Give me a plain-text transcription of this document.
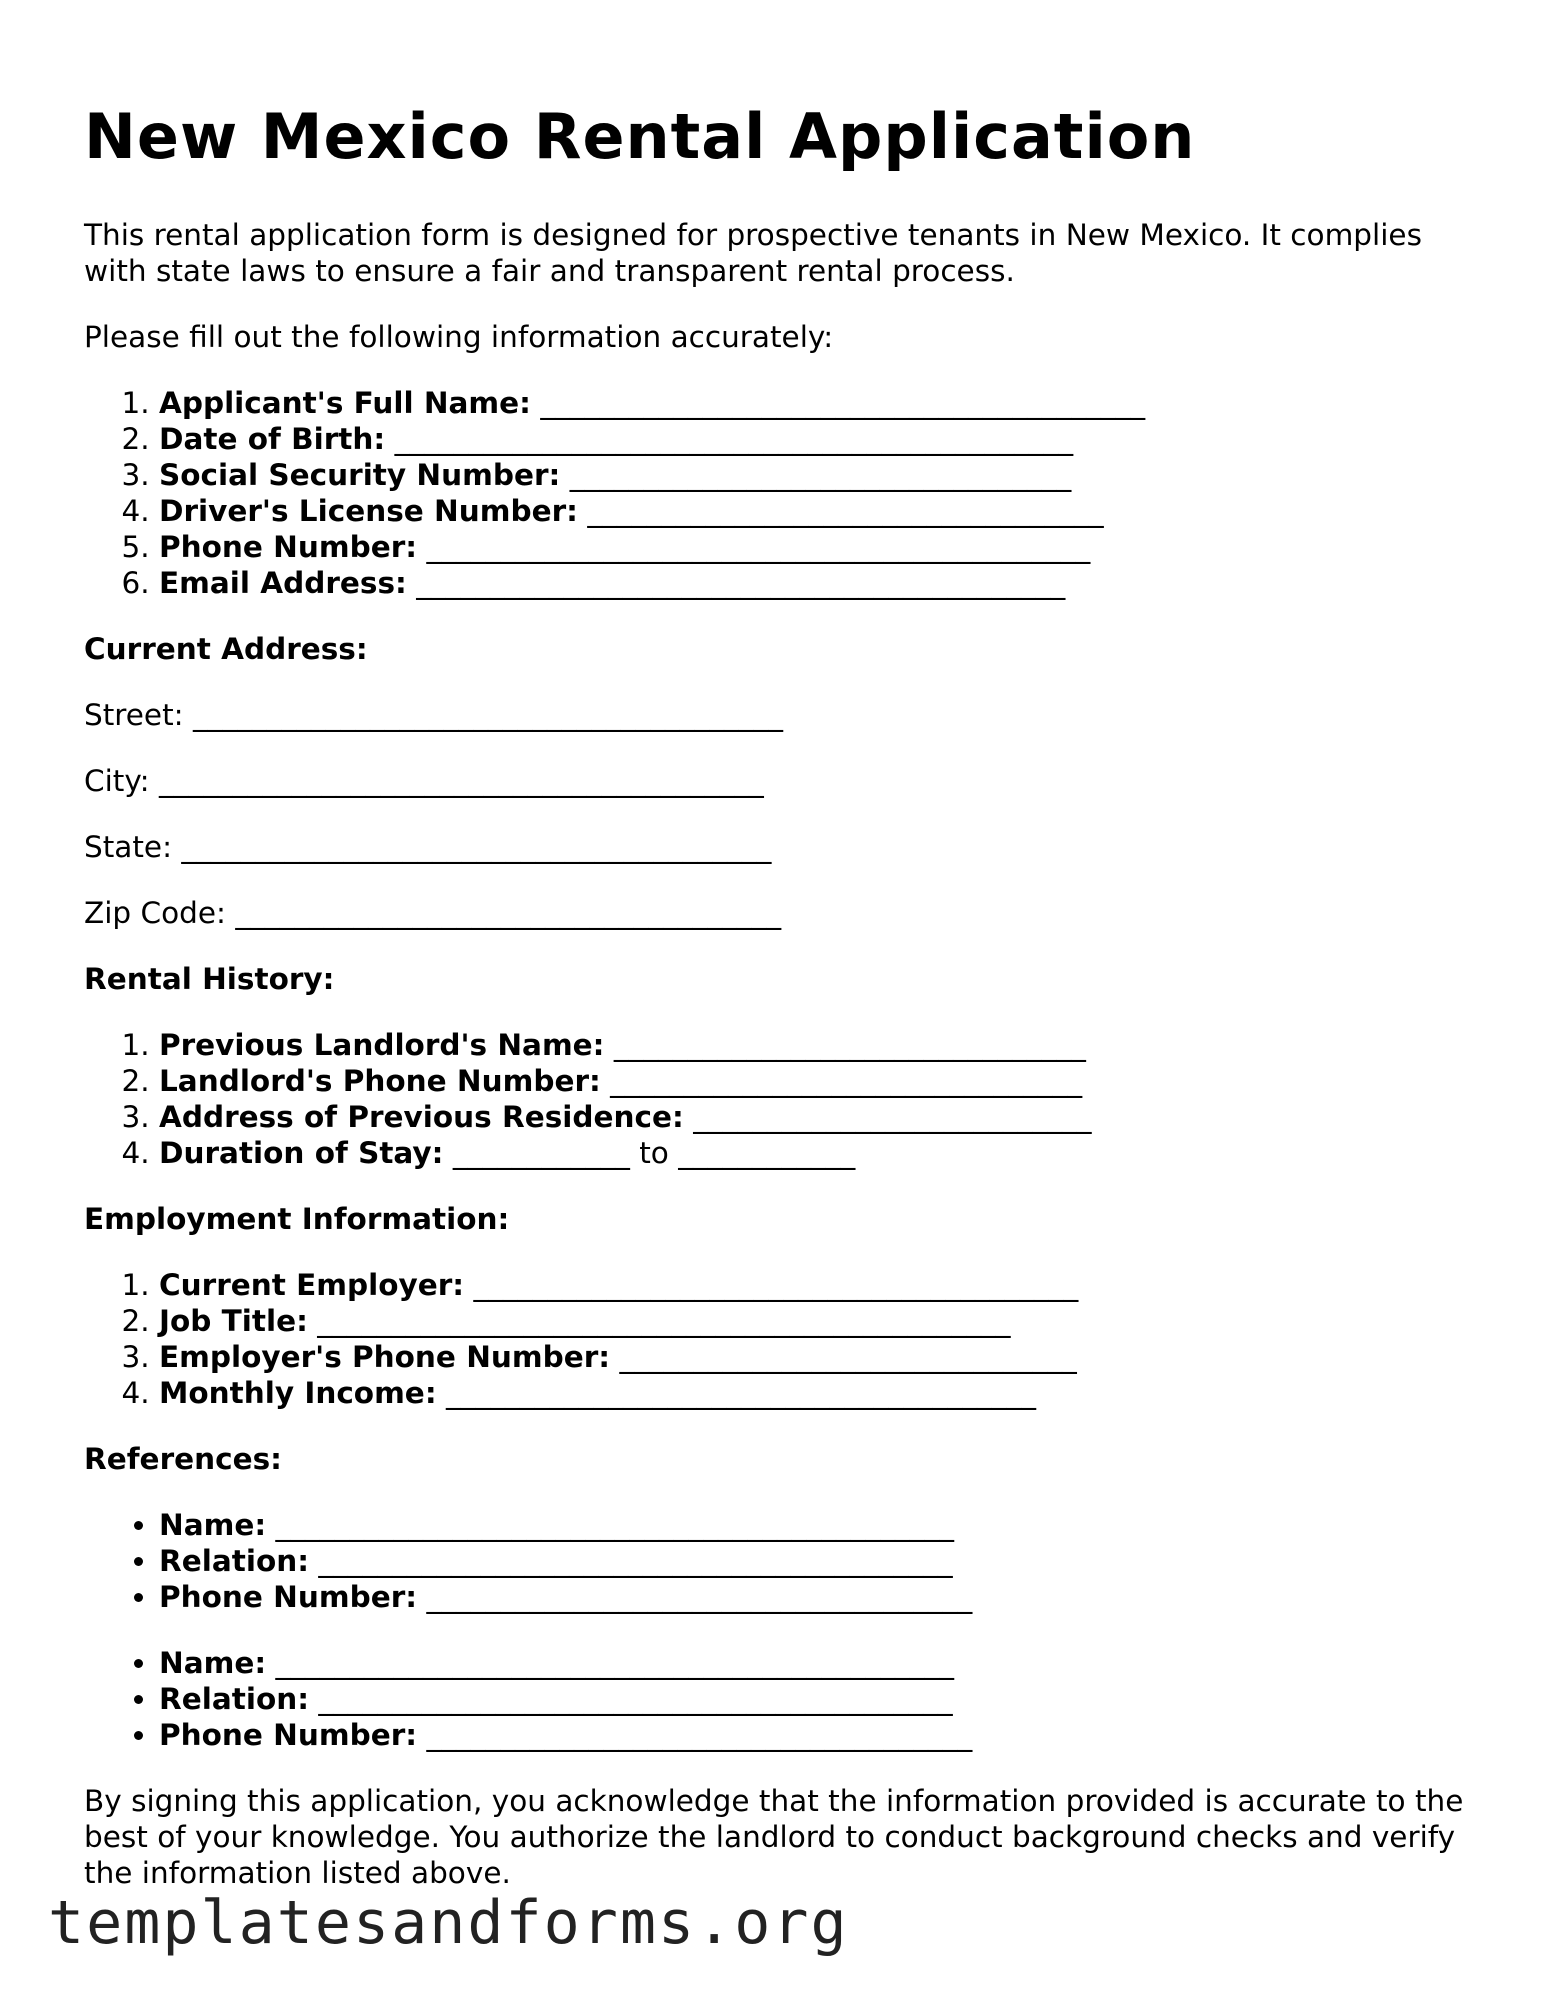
New Mexico Rental Application

This rental application form is designed for prospective tenants in New Mexico. It complies with state laws to ensure a fair and transparent rental process.

Please fill out the following information accurately:

1. Applicant's Full Name: _________________________________________
2. Date of Birth: ______________________________________________
3. Social Security Number: __________________________________
4. Driver's License Number: ___________________________________
5. Phone Number: _____________________________________________
6. Email Address: ____________________________________________
Current Address:

Street: ________________________________________

City: _________________________________________

State: ________________________________________

Zip Code: _____________________________________

Rental History:
1. Previous Landlord's Name: ________________________________
2. Landlord's Phone Number: ________________________________
3. Address of Previous Residence: ___________________________
4. Duration of Stay: ____________ to ____________
Employment Information:
1. Current Employer: _________________________________________
2. Job Title: _______________________________________________
3. Employer's Phone Number: _______________________________
4. Monthly Income: ________________________________________
References:
• Name: ______________________________________________
• Relation: ___________________________________________
• Phone Number: _____________________________________
• Name: ______________________________________________
• Relation: ___________________________________________
• Phone Number: _____________________________________

By signing this application, you acknowledge that the information provided is accurate to the best of your knowledge. You authorize the landlord to conduct background checks and verify the information listed above.

templatesandforms.org
